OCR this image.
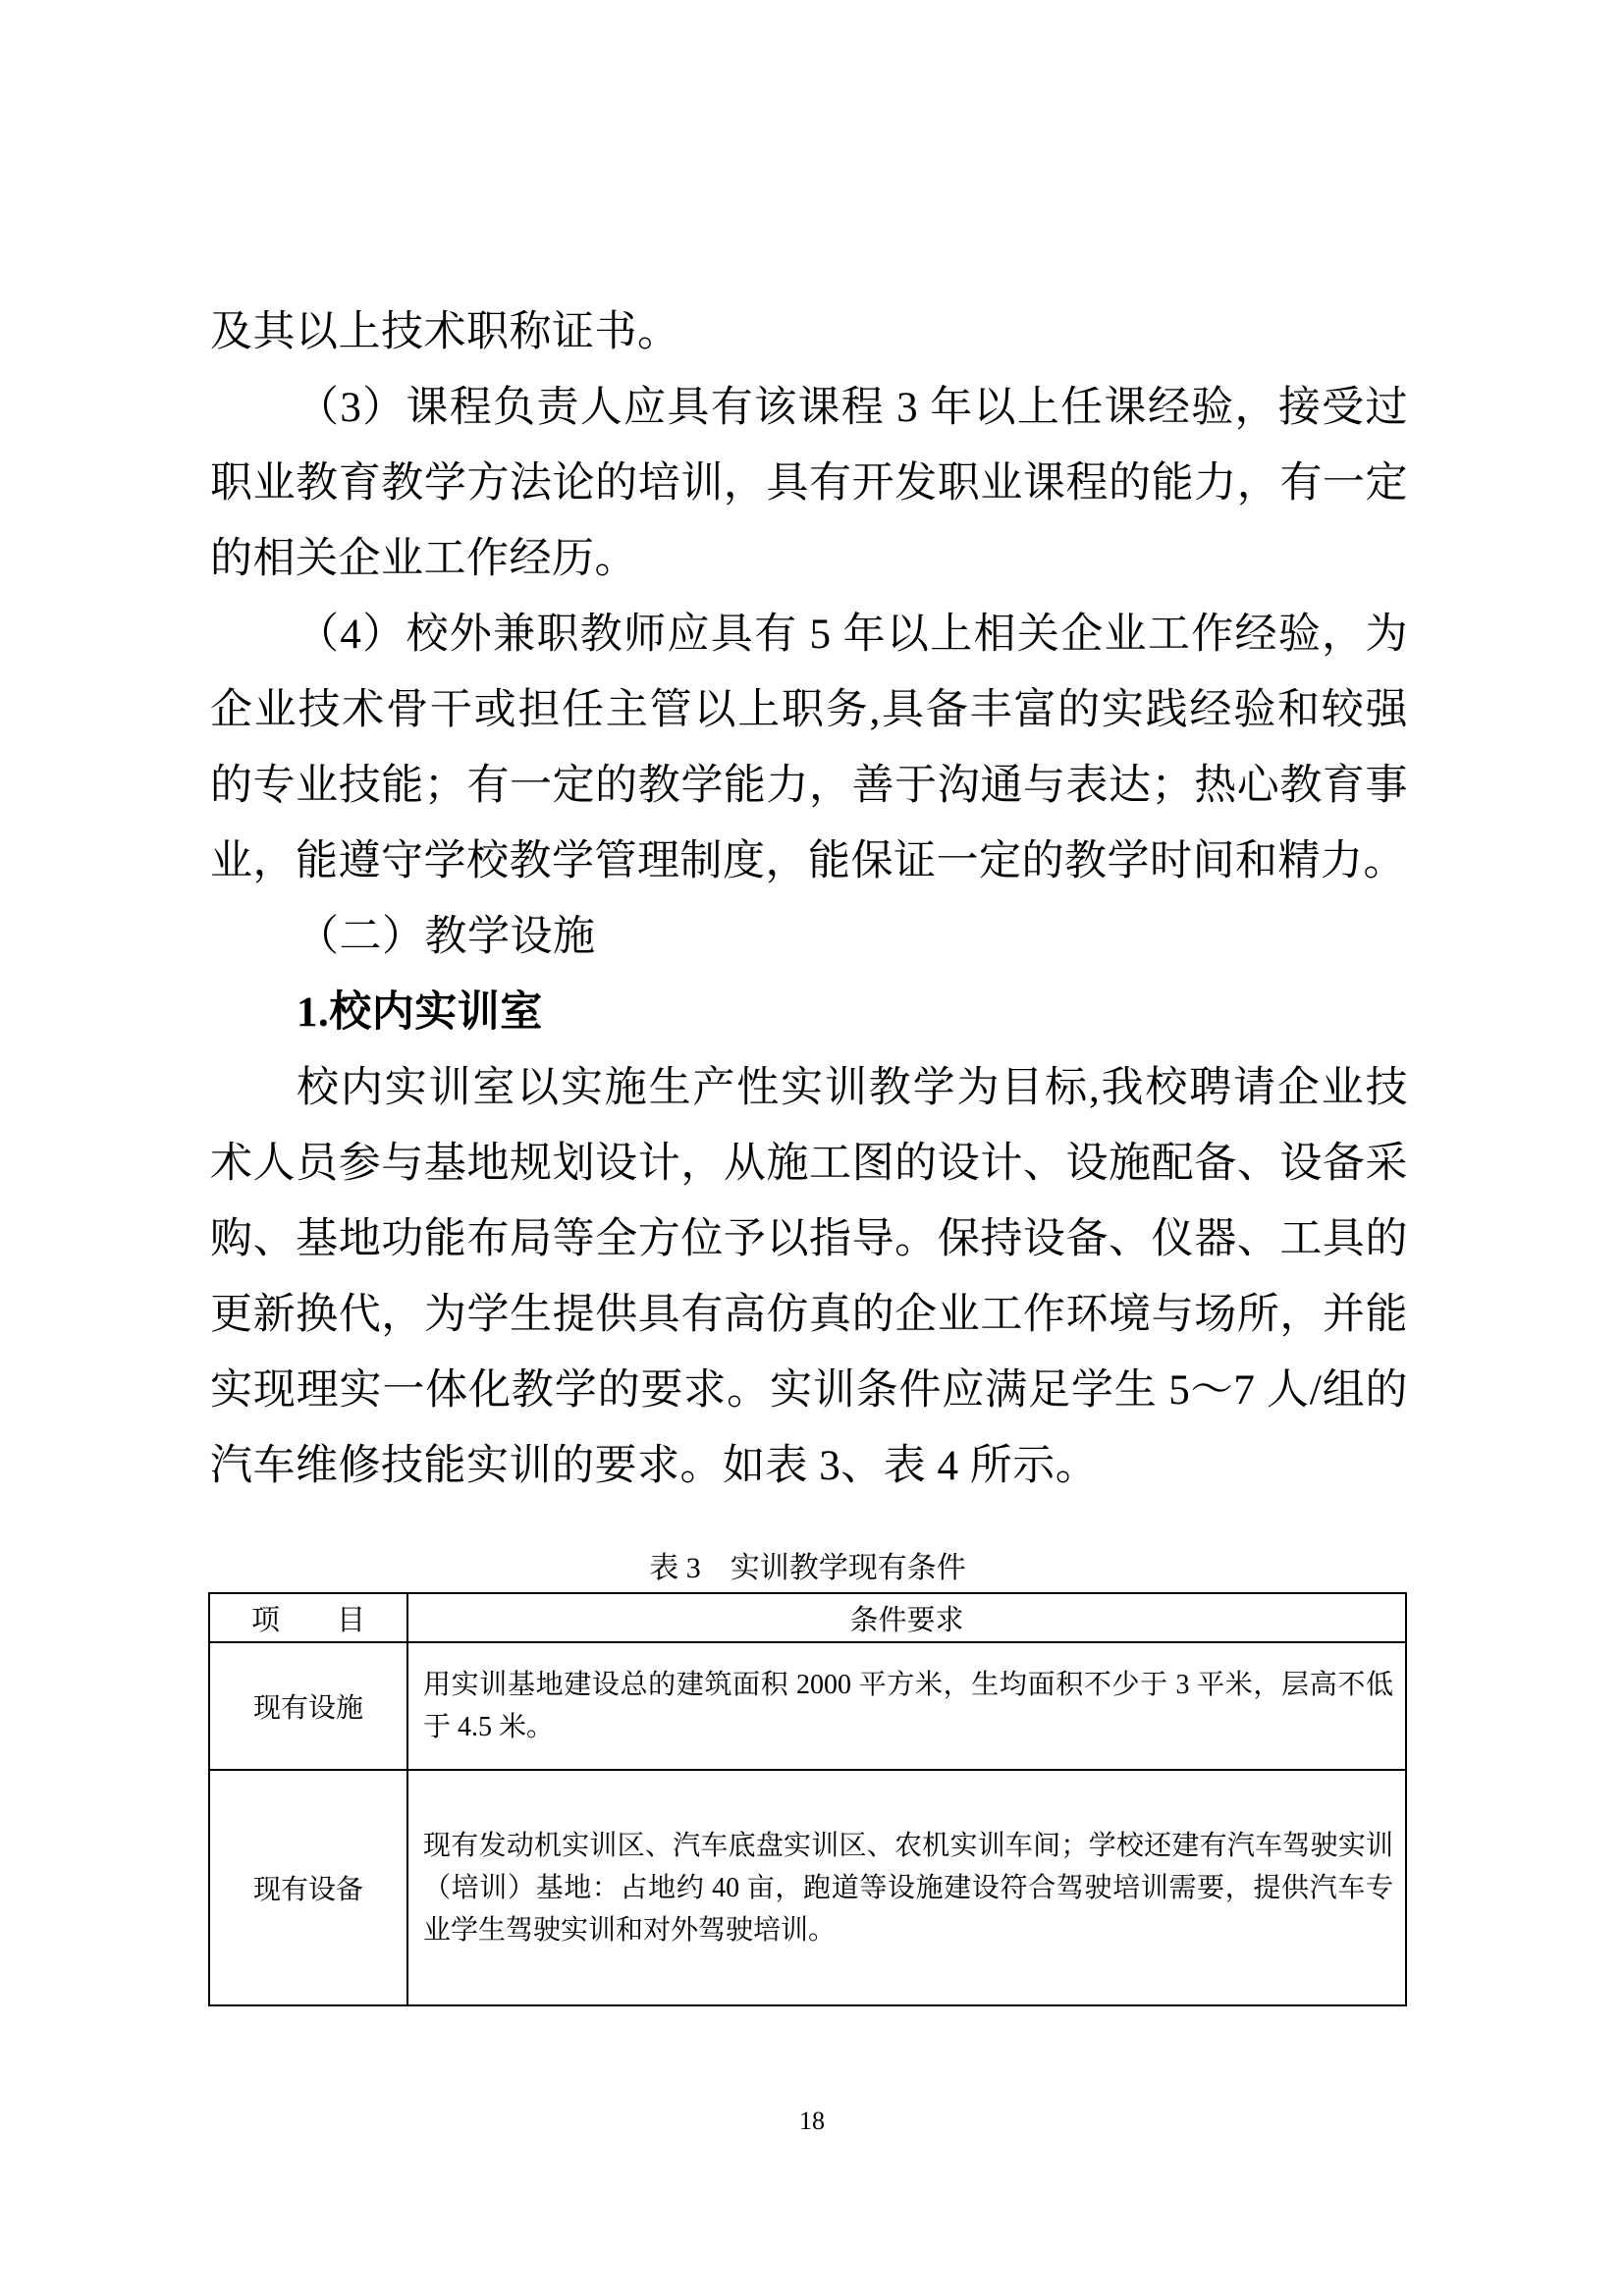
及其以上技术职称证书。

（3）课程负责人应具有该课程 3 年以上任课经验，接受过职业教育教学方法论的培训，具有开发职业课程的能力，有一定的相关企业工作经历。

（4）校外兼职教师应具有 5 年以上相关企业工作经验，为企业技术骨干或担任主管以上职务,具备丰富的实践经验和较强的专业技能；有一定的教学能力，善于沟通与表达；热心教育事业，能遵守学校教学管理制度，能保证一定的教学时间和精力。

（二）教学设施

1.校内实训室

校内实训室以实施生产性实训教学为目标,我校聘请企业技术人员参与基地规划设计，从施工图的设计、设施配备、设备采购、基地功能布局等全方位予以指导。保持设备、仪器、工具的更新换代，为学生提供具有高仿真的企业工作环境与场所，并能实现理实一体化教学的要求。实训条件应满足学生 5～7 人/组的汽车维修技能实训的要求。如表 3、表 4 所示。

表 3　实训教学现有条件
项　　目	条件要求
现有设施	用实训基地建设总的建筑面积 2000 平方米，生均面积不少于 3 平米，层高不低于 4.5 米。
现有设备	现有发动机实训区、汽车底盘实训区、农机实训车间；学校还建有汽车驾驶实训（培训）基地：占地约 40 亩，跑道等设施建设符合驾驶培训需要，提供汽车专业学生驾驶实训和对外驾驶培训。
18
